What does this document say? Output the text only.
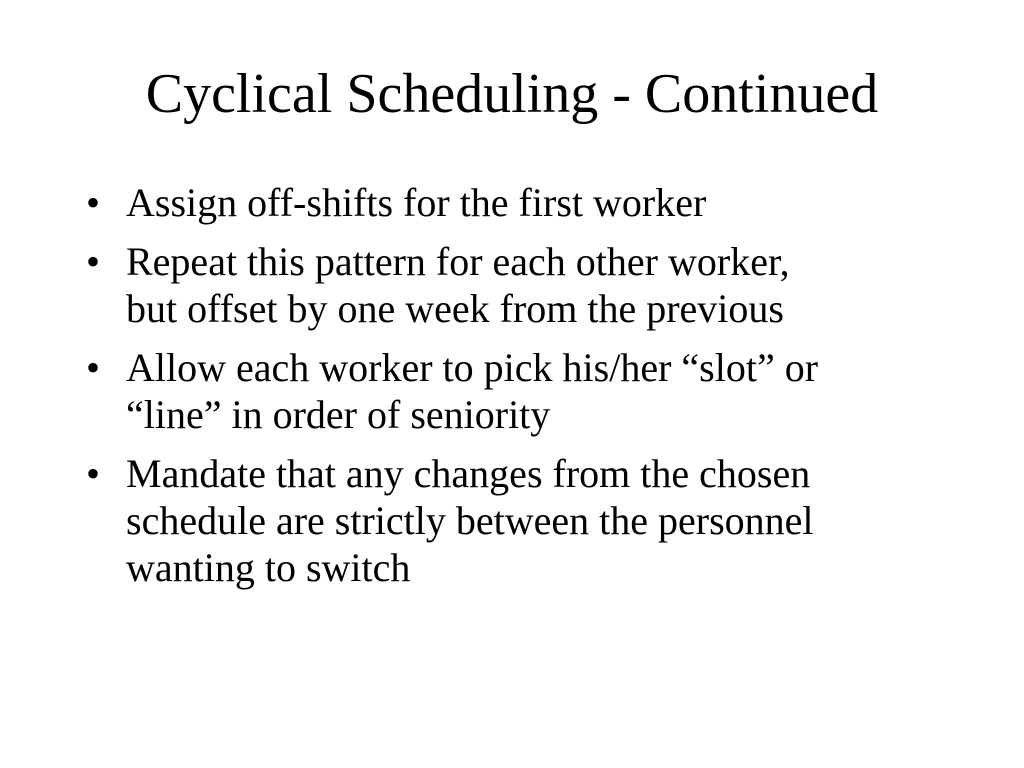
Cyclical Scheduling - Continued
• Assign off-shifts for the first worker
• Repeat this pattern for each other worker,
but offset by one week from the previous
• Allow each worker to pick his/her “slot” or
“line” in order of seniority
• Mandate that any changes from the chosen
schedule are strictly between the personnel
wanting to switch
